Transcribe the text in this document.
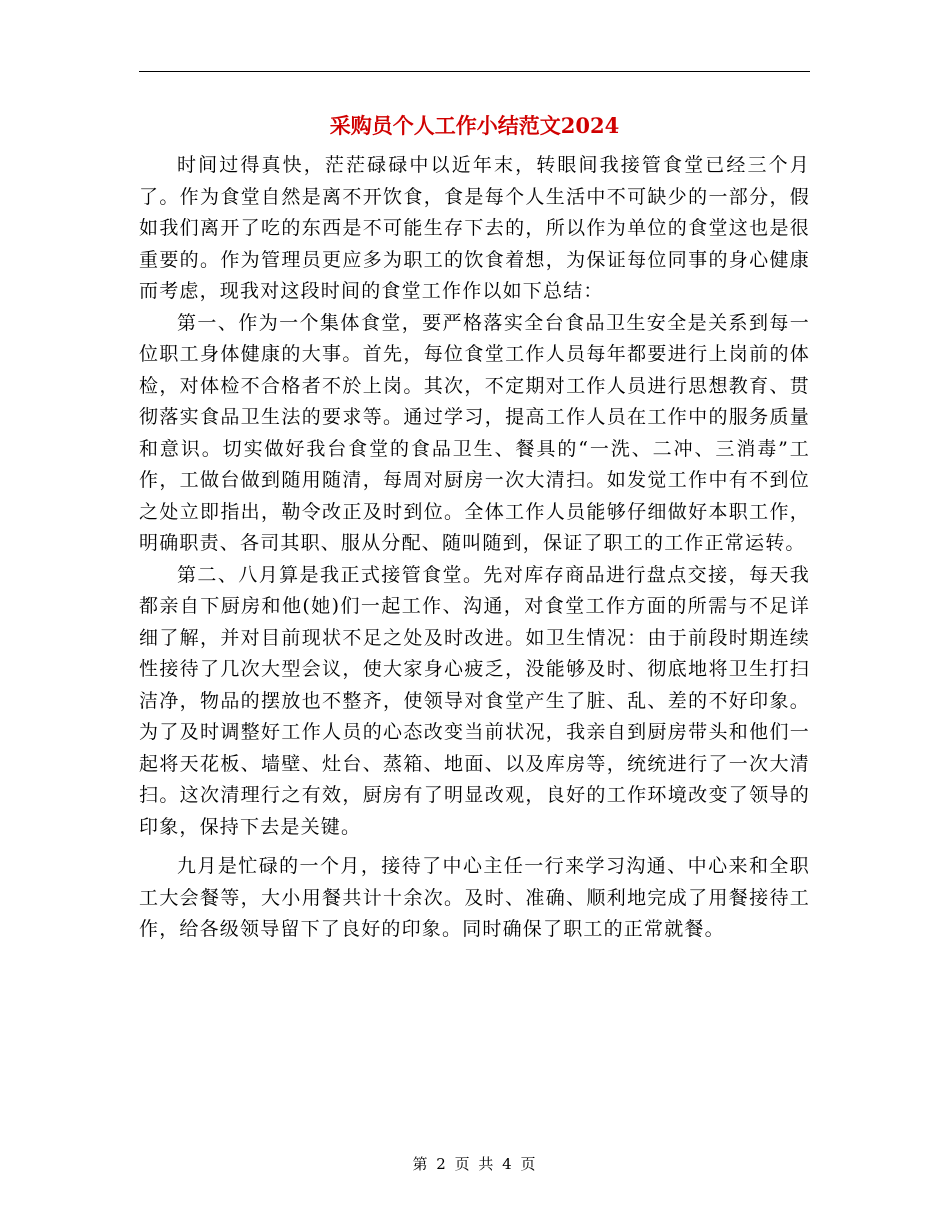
采购员个人工作小结范文2024

时间过得真快，茫茫碌碌中以近年末，转眼间我接管食堂已经三个月了。作为食堂自然是离不开饮食，食是每个人生活中不可缺少的一部分，假如我们离开了吃的东西是不可能生存下去的，所以作为单位的食堂这也是很重要的。作为管理员更应多为职工的饮食着想，为保证每位同事的身心健康而考虑，现我对这段时间的食堂工作作以如下总结：

第一、作为一个集体食堂，要严格落实全台食品卫生安全是关系到每一位职工身体健康的大事。首先，每位食堂工作人员每年都要进行上岗前的体检，对体检不合格者不於上岗。其次，不定期对工作人员进行思想教育、贯彻落实食品卫生法的要求等。通过学习，提高工作人员在工作中的服务质量和意识。切实做好我台食堂的食品卫生、餐具的“一洗、二冲、三消毒”工作，工做台做到随用随清，每周对厨房一次大清扫。如发觉工作中有不到位之处立即指出，勒令改正及时到位。全体工作人员能够仔细做好本职工作，明确职责、各司其职、服从分配、随叫随到，保证了职工的工作正常运转。

第二、八月算是我正式接管食堂。先对库存商品进行盘点交接，每天我都亲自下厨房和他(她)们一起工作、沟通，对食堂工作方面的所需与不足详细了解，并对目前现状不足之处及时改进。如卫生情况：由于前段时期连续性接待了几次大型会议，使大家身心疲乏，没能够及时、彻底地将卫生打扫洁净，物品的摆放也不整齐，使领导对食堂产生了脏、乱、差的不好印象。为了及时调整好工作人员的心态改变当前状况，我亲自到厨房带头和他们一起将天花板、墙壁、灶台、蒸箱、地面、以及库房等，统统进行了一次大清扫。这次清理行之有效，厨房有了明显改观，良好的工作环境改变了领导的印象，保持下去是关键。

九月是忙碌的一个月，接待了中心主任一行来学习沟通、中心来和全职工大会餐等，大小用餐共计十余次。及时、准确、顺利地完成了用餐接待工作，给各级领导留下了良好的印象。同时确保了职工的正常就餐。

第 2 页 共 4 页
